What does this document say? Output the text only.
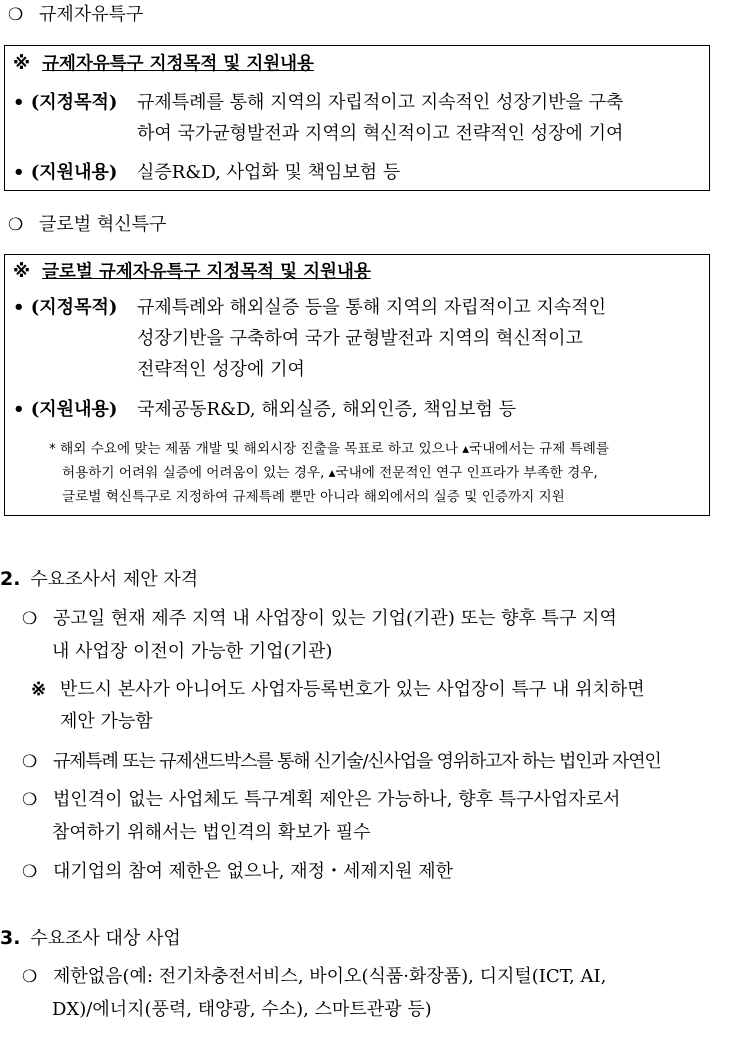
❍ 규제자유특구
※ 규제자유특구 지정목적 및 지원내용
• (지정목적) 규제특례를 통해 지역의 자립적이고 지속적인 성장기반을 구축
하여 국가균형발전과 지역의 혁신적이고 전략적인 성장에 기여
• (지원내용) 실증R&D, 사업화 및 책임보험 등
❍ 글로벌 혁신특구
※ 글로벌 규제자유특구 지정목적 및 지원내용
• (지정목적) 규제특례와 해외실증 등을 통해 지역의 자립적이고 지속적인
성장기반을 구축하여 국가 균형발전과 지역의 혁신적이고
전략적인 성장에 기여
• (지원내용) 국제공동R&D, 해외실증, 해외인증, 책임보험 등
* 해외 수요에 맞는 제품 개발 및 해외시장 진출을 목표로 하고 있으나 ▴국내에서는 규제 특례를
허용하기 어려워 실증에 어려움이 있는 경우, ▴국내에 전문적인 연구 인프라가 부족한 경우,
글로벌 혁신특구로 지정하여 규제특례 뿐만 아니라 해외에서의 실증 및 인증까지 지원
2. 수요조사서 제안 자격
❍ 공고일 현재 제주 지역 내 사업장이 있는 기업(기관) 또는 향후 특구 지역
내 사업장 이전이 가능한 기업(기관)
※ 반드시 본사가 아니어도 사업자등록번호가 있는 사업장이 특구 내 위치하면
제안 가능함
❍ 규제특례 또는 규제샌드박스를 통해 신기술/신사업을 영위하고자 하는 법인과 자연인
❍ 법인격이 없는 사업체도 특구계획 제안은 가능하나, 향후 특구사업자로서
참여하기 위해서는 법인격의 확보가 필수
❍ 대기업의 참여 제한은 없으나, 재정・세제지원 제한
3. 수요조사 대상 사업
❍ 제한없음(예: 전기차충전서비스, 바이오(식품·화장품), 디지털(ICT, AI,
DX)/에너지(풍력, 태양광, 수소), 스마트관광 등)
